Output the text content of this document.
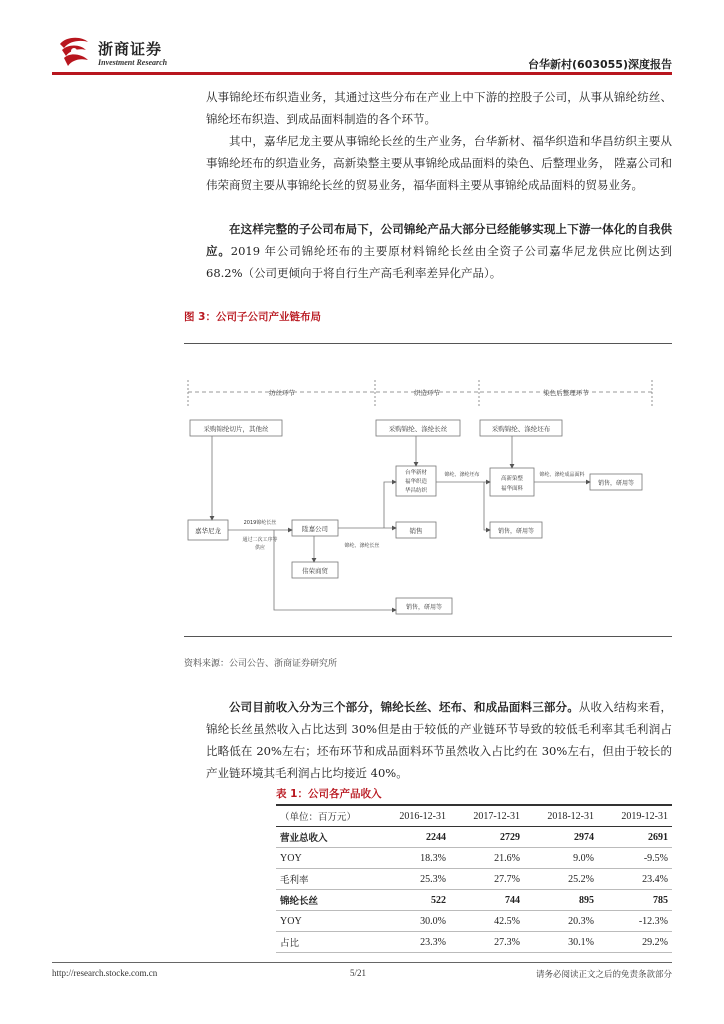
浙商证券
Investment Research	台华新村(603055)深度报告
从事锦纶坯布织造业务，其通过这些分布在产业上中下游的控股子公司，从事从锦纶纺丝、锦纶坯布织造、到成品面料制造的各个环节。
其中，嘉华尼龙主要从事锦纶长丝的生产业务，台华新材、福华织造和华昌纺织主要从事锦纶坯布的织造业务，高新染整主要从事锦纶成品面料的染色、后整理业务， 陞嘉公司和伟荣商贸主要从事锦纶长丝的贸易业务，福华面料主要从事锦纶成品面料的贸易业务。
在这样完整的子公司布局下，公司锦纶产品大部分已经能够实现上下游一体化的自我供应。2019 年公司锦纶坯布的主要原材料锦纶长丝由全资子公司嘉华尼龙供应比例达到 68.2%（公司更倾向于将自行生产高毛利率差异化产品）。
图 3：公司子公司产业链布局
纺丝环节	织造环节	染色后整理环节
采购锦纶切片，其他丝	采购锦纶、涤纶长丝	采购锦纶、涤纶坯布
嘉华尼龙	陞嘉公司
伟荣商贸
台华新材
福华织造
华昌纺织
销售
高新染整
福华面料
销售，研用等
销售，研用等
销售，研用等
2019锦纶长丝
通过二次工序等
供应	锦纶、涤纶长丝
锦纶、涤纶坯布	锦纶、涤纶成品面料
资料来源：公司公告、浙商证券研究所
公司目前收入分为三个部分，锦纶长丝、坯布、和成品面料三部分。从收入结构来看，锦纶长丝虽然收入占比达到 30%但是由于较低的产业链环节导致的较低毛利率其毛利润占比略低在 20%左右；坯布环节和成品面料环节虽然收入占比约在 30%左右，但由于较长的产业链环境其毛利润占比均接近 40%。
表 1：公司各产品收入
（单位：百万元）	2016-12-31	2017-12-31	2018-12-31	2019-12-31
营业总收入	2244	2729	2974	2691
YOY	18.3%	21.6%	9.0%	-9.5%
毛利率	25.3%	27.7%	25.2%	23.4%
锦纶长丝	522	744	895	785
YOY	30.0%	42.5%	20.3%	-12.3%
占比	23.3%	27.3%	30.1%	29.2%
http://research.stocke.com.cn	5/21	请务必阅读正文之后的免责条款部分
